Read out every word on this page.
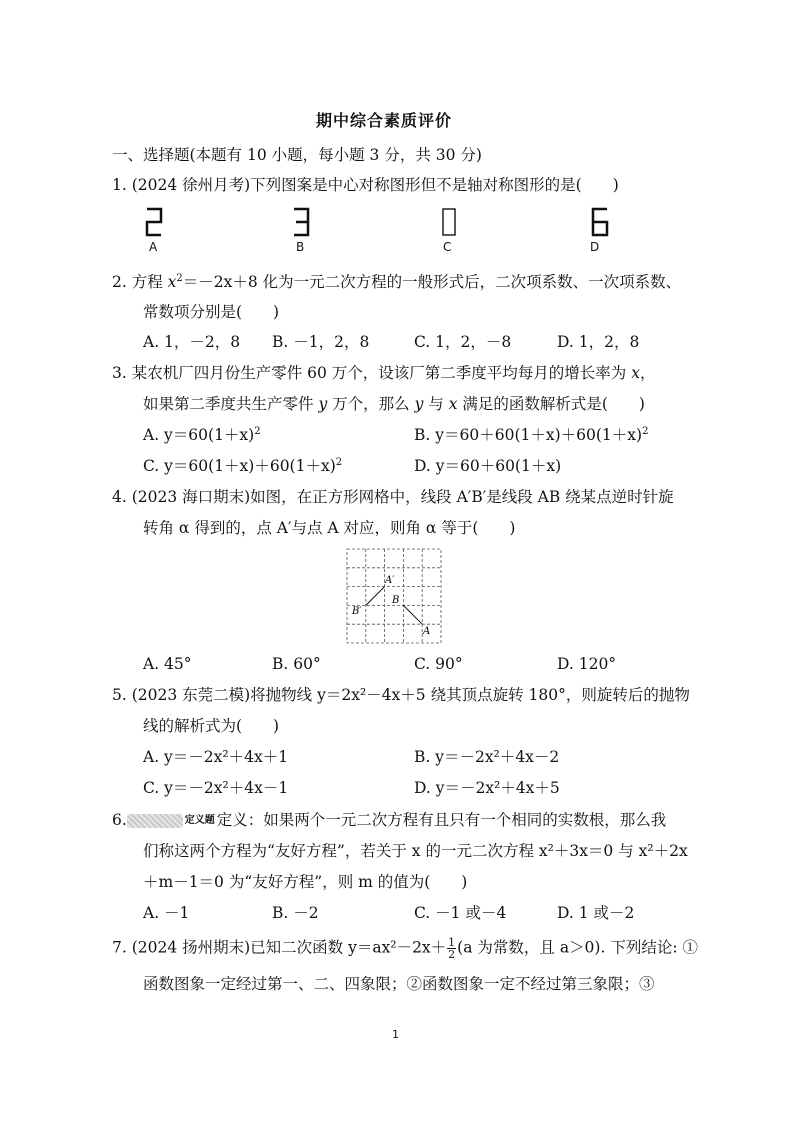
期中综合素质评价
一、选择题(本题有 10 小题，每小题 3 分，共 30 分)
1. (2024 徐州月考)下列图案是中心对称图形但不是轴对称图形的是(　　)
A	B	C	D
2. 方程 $x^2=-2x+8$ 化为一元二次方程的一般形式后，二次项系数、一次项系数、
常数项分别是(　　)
A. 1，－2，8 B. －1，2，8	C. 1，2，－8	D. 1，2，8
3. 某农机厂四月份生产零件 60 万个，设该厂第二季度平均每月的增长率为 x，
如果第二季度共生产零件 y 万个，那么 y 与 x 满足的函数解析式是(　　)
A. $y=60(1+x)^2$	B. $y=60+60(1+x)+60(1+x)^2$
C. $y=60(1+x)+60(1+x)^2$	D. y＝60＋60(1＋x)
4. (2023 海口期末)如图，在正方形网格中，线段 A′B′是线段 AB 绕某点逆时针旋
转角 α 得到的，点 A′与点 A 对应，则角 α 等于(　　)
A′
B′
B
A
A. 45°	B. 60°	C. 90°	D. 120°
5. (2023 东莞二模)将抛物线 y＝2x²－4x＋5 绕其顶点旋转 180°，则旋转后的抛物
线的解析式为(　　)
A. y＝－2x²＋4x＋1	B. y＝－2x²＋4x－2
C. y＝－2x²＋4x－1	D. y＝－2x²＋4x＋5
6.	定义题 定义：如果两个一元二次方程有且只有一个相同的实数根，那么我
们称这两个方程为“友好方程”，若关于 x 的一元二次方程 x²＋3x＝0 与 x²＋2x
＋m－1＝0 为“友好方程”，则 m 的值为(　　)
A. －1	B. －2	C. －1 或－4	D. 1 或－2
7. (2024 扬州期末)已知二次函数 $y=ax^2-2x+ \frac{1}{2} (a$ 为常数，且 a＞0). 下列结论: ①
函数图象一定经过第一、二、四象限；②函数图象一定不经过第三象限；③
1
